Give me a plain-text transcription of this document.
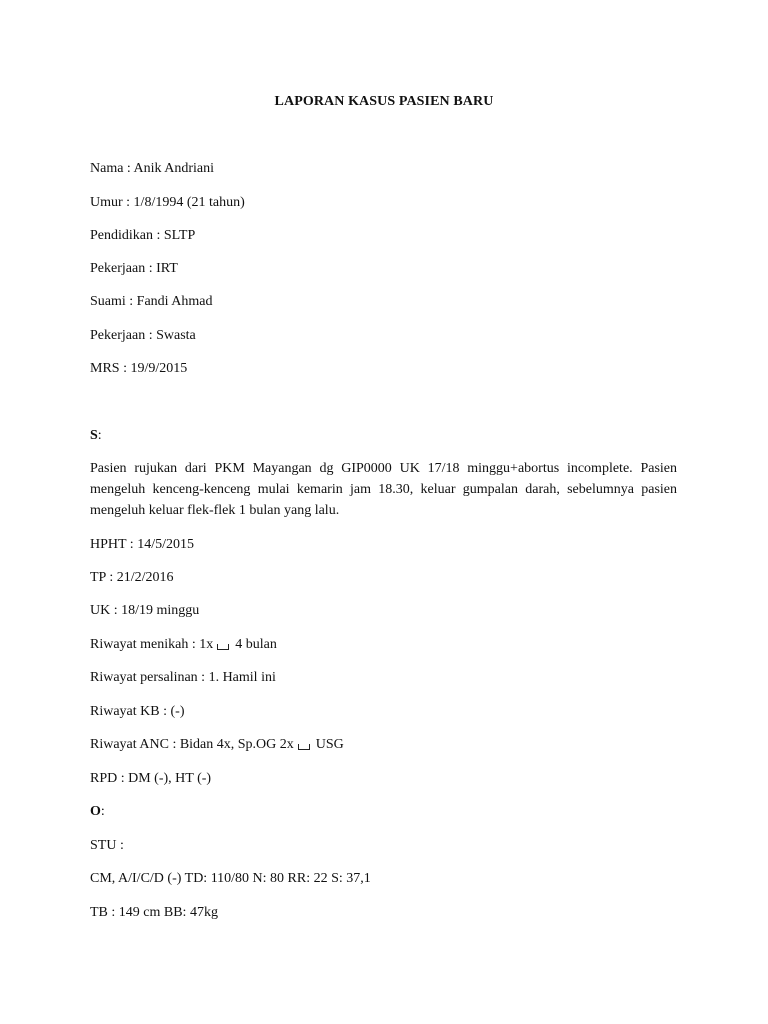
LAPORAN KASUS PASIEN BARU
Nama : Anik Andriani
Umur : 1/8/1994 (21 tahun)
Pendidikan : SLTP
Pekerjaan : IRT
Suami : Fandi Ahmad
Pekerjaan : Swasta
MRS : 19/9/2015
S:
Pasien rujukan dari PKM Mayangan dg GIP0000 UK 17/18 minggu+abortus incomplete. Pasien mengeluh kenceng-kenceng mulai kemarin jam 18.30, keluar gumpalan darah, sebelumnya pasien mengeluh keluar flek-flek 1 bulan yang lalu.
HPHT : 14/5/2015
TP : 21/2/2016
UK : 18/19 minggu
Riwayat menikah : 1x 4 bulan
Riwayat persalinan : 1. Hamil ini
Riwayat KB : (-)
Riwayat ANC : Bidan 4x, Sp.OG 2x USG
RPD : DM (-), HT (-)
O:
STU :
CM, A/I/C/D (-) TD: 110/80 N: 80 RR: 22 S: 37,1
TB : 149 cm BB: 47kg
